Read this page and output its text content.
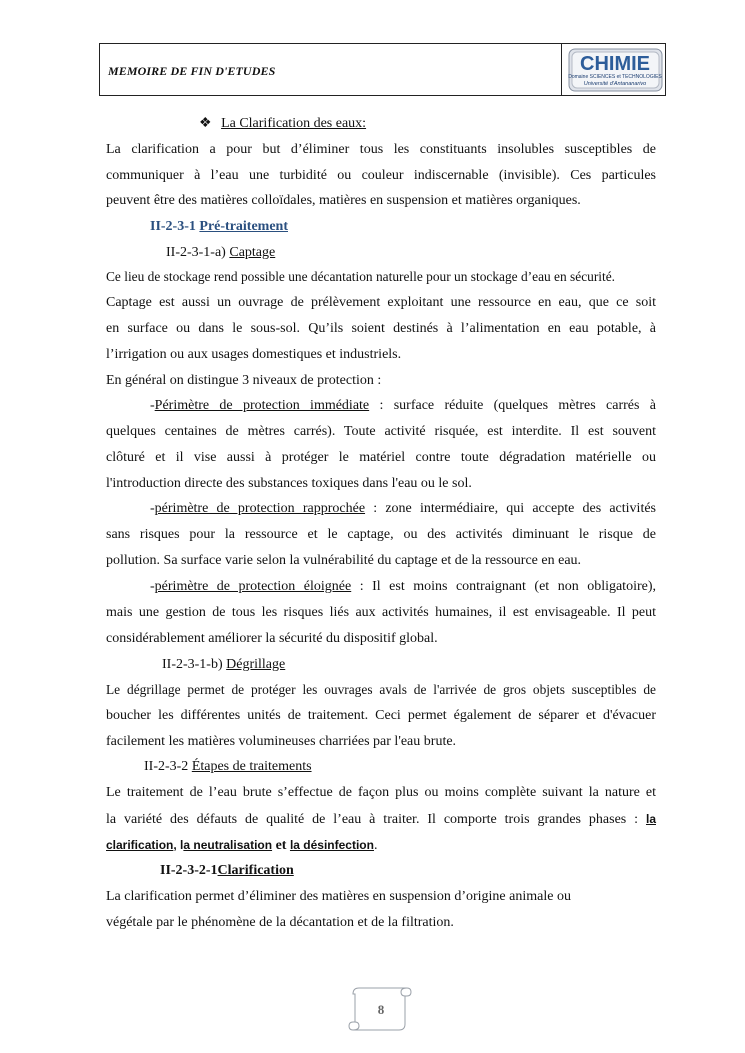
MEMOIRE DE FIN D'ETUDES	CHIMIE
Domaine SCIENCES et TECHNOLOGIES
Université d'Antananarivo
❖ La Clarification des eaux:
La clarification a pour but d’éliminer tous les constituants insolubles susceptibles de
communiquer à l’eau une turbidité ou couleur indiscernable (invisible). Ces particules
peuvent être des matières colloïdales, matières en suspension et matières organiques.
II-2-3-1 Pré-traitement
II-2-3-1-a) Captage
Ce lieu de stockage rend possible une décantation naturelle pour un stockage d’eau en sécurité.
Captage est aussi un ouvrage de prélèvement exploitant une ressource en eau, que ce soit
en surface ou dans le sous-sol. Qu’ils soient destinés à l’alimentation en eau potable, à
l’irrigation ou aux usages domestiques et industriels.
En général on distingue 3 niveaux de protection :
-Périmètre de protection immédiate : surface réduite (quelques mètres carrés à
quelques centaines de mètres carrés). Toute activité risquée, est interdite. Il est souvent
clôturé et il vise aussi à protéger le matériel contre toute dégradation matérielle ou
l'introduction directe des substances toxiques dans l'eau ou le sol.
-périmètre de protection rapprochée : zone intermédiaire, qui accepte des activités
sans risques pour la ressource et le captage, ou des activités diminuant le risque de
pollution. Sa surface varie selon la vulnérabilité du captage et de la ressource en eau.
-périmètre de protection éloignée : Il est moins contraignant (et non obligatoire),
mais une gestion de tous les risques liés aux activités humaines, il est envisageable. Il peut
considérablement améliorer la sécurité du dispositif global.
II-2-3-1-b) Dégrillage
Le dégrillage permet de protéger les ouvrages avals de l'arrivée de gros objets susceptibles de
boucher les différentes unités de traitement. Ceci permet également de séparer et d'évacuer
facilement les matières volumineuses charriées par l'eau brute.
II-2-3-2 Étapes de traitements
Le traitement de l’eau brute s’effectue de façon plus ou moins complète suivant la nature et
la variété des défauts de qualité de l’eau à traiter. Il comporte trois grandes phases : la
clarification, la neutralisation et la désinfection.
II-2-3-2-1Clarification
La clarification permet d’éliminer des matières en suspension d’origine animale ou
végétale par le phénomène de la décantation et de la filtration.
8
